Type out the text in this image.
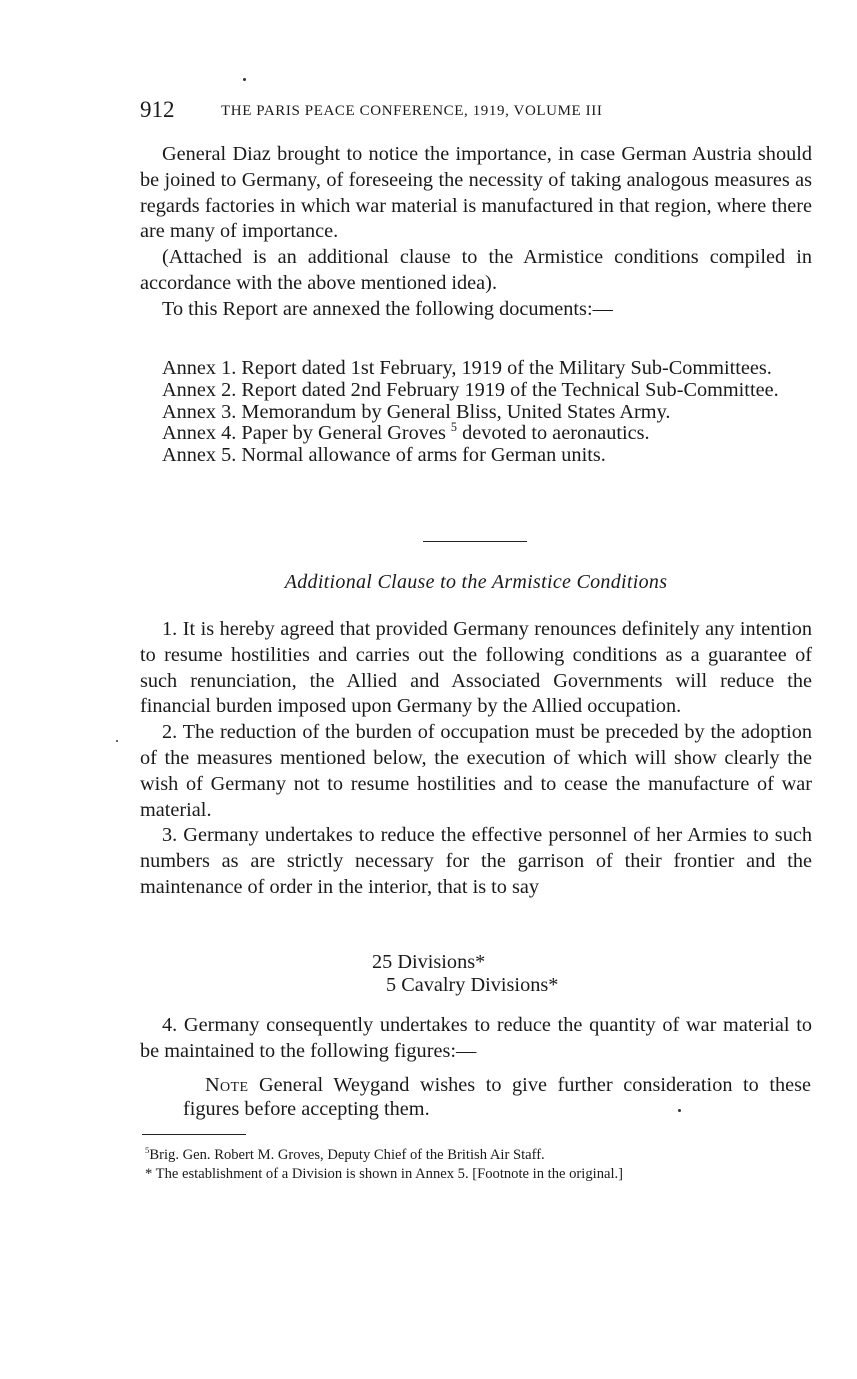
912	THE PARIS PEACE CONFERENCE, 1919, VOLUME III

General Diaz brought to notice the importance, in case German Austria should be joined to Germany, of foreseeing the necessity of taking analogous measures as regards factories in which war material is manufactured in that region, where there are many of importance.

(Attached is an additional clause to the Armistice conditions compiled in accordance with the above mentioned idea).

To this Report are annexed the following documents:—

Annex 1. Report dated 1st February, 1919 of the Military Sub-Committees.

Annex 2. Report dated 2nd February 1919 of the Technical Sub-Committee.

Annex 3. Memorandum by General Bliss, United States Army.

Annex 4. Paper by General Groves $^5$ devoted to aeronautics.

Annex 5. Normal allowance of arms for German units.

Additional Clause to the Armistice Conditions

1. It is hereby agreed that provided Germany renounces definitely any intention to resume hostilities and carries out the following conditions as a guarantee of such renunciation, the Allied and Associated Governments will reduce the financial burden imposed upon Germany by the Allied occupation.

2. The reduction of the burden of occupation must be preceded by the adoption of the measures mentioned below, the execution of which will show clearly the wish of Germany not to resume hostilities and to cease the manufacture of war material.

3. Germany undertakes to reduce the effective personnel of her Armies to such numbers as are strictly necessary for the garrison of their frontier and the maintenance of order in the interior, that is to say

25 Divisions*
5 Cavalry Divisions*

4. Germany consequently undertakes to reduce the quantity of war material to be maintained to the following figures:—

Note General Weygand wishes to give further consideration to these figures before accepting them.

$^5$Brig. Gen. Robert M. Groves, Deputy Chief of the British Air Staff.

* The establishment of a Division is shown in Annex 5. [Footnote in the original.]
